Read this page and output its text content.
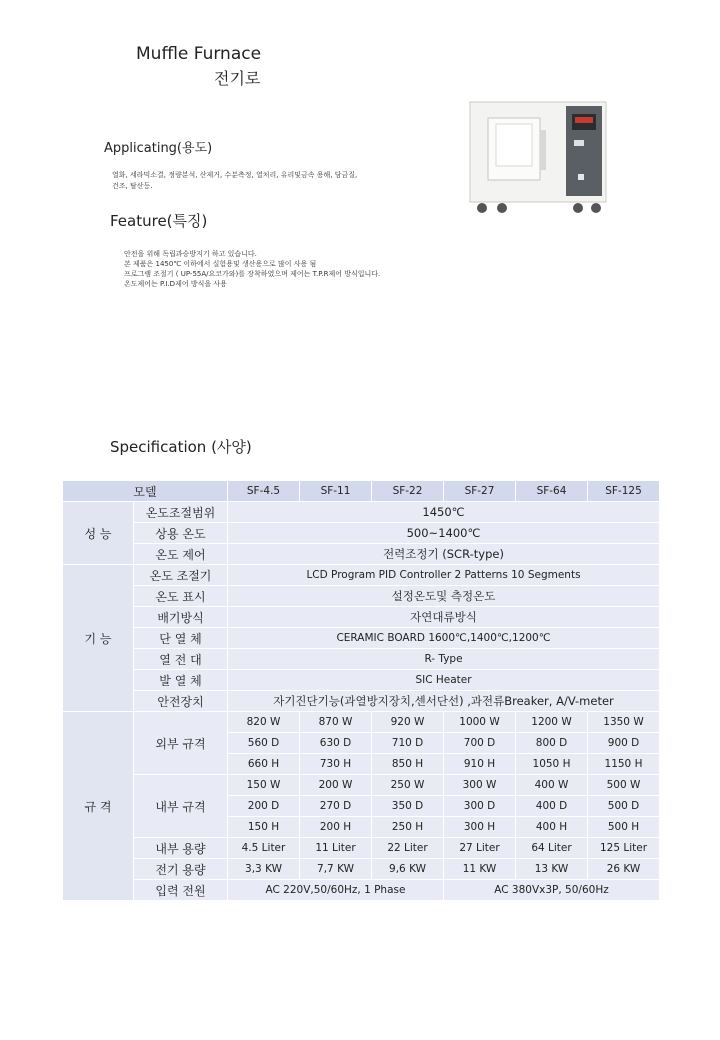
Muffle Furnace
전기로
Applicating(용도)
열화, 세라믹소결, 정량분석, 산제거, 수분측정, 열처리, 유리및금속 용해, 담금질,
건조, 탈산등.
Feature(특징)
안전을 위해 독립과승방지기 하고 있습니다.
본 제품은 1450℃ 이하에서 실험용및 생산용으로 많이 사용 됨
프로그램 조절기 ( UP-55A/요코가와)를 장착하였으며 제어는 T.P.R제어 방식입니다.
온도제어는 P.I.D제어 방식을 사용
Specification (사양)
모델		SF-4.5	SF-11	SF-22	SF-27	SF-64	SF-125
성 능	온도조절범위	1450℃					
	상용 온도	500~1400℃					
	온도 제어	전력조정기 (SCR-type)					
기 능	온도 조절기	LCD Program PID Controller 2 Patterns 10 Segments					
	온도 표시	설정온도및 측정온도					
	배기방식	자연대류방식					
	단 열 체	CERAMIC BOARD 1600℃,1400℃,1200℃					
	열 전 대	R- Type					
	발 열 체	SIC Heater					
	안전장치	자기진단기능(과열방지장치,센서단선) ,과전류Breaker, A/V-meter					
규 격	외부 규격	820 W	870 W	920 W	1000 W	1200 W	1350 W
		560 D	630 D	710 D	700 D	800 D	900 D
		660 H	730 H	850 H	910 H	1050 H	1150 H
	내부 규격	150 W	200 W	250 W	300 W	400 W	500 W
		200 D	270 D	350 D	300 D	400 D	500 D
		150 H	200 H	250 H	300 H	400 H	500 H
	내부 용량	4.5 Liter	11 Liter	22 Liter	27 Liter	64 Liter	125 Liter
	전기 용량	3,3 KW	7,7 KW	9,6 KW	11 KW	13 KW	26 KW
	입력 전원	AC 220V,50/60Hz, 1 Phase			AC 380Vx3P, 50/60Hz		
